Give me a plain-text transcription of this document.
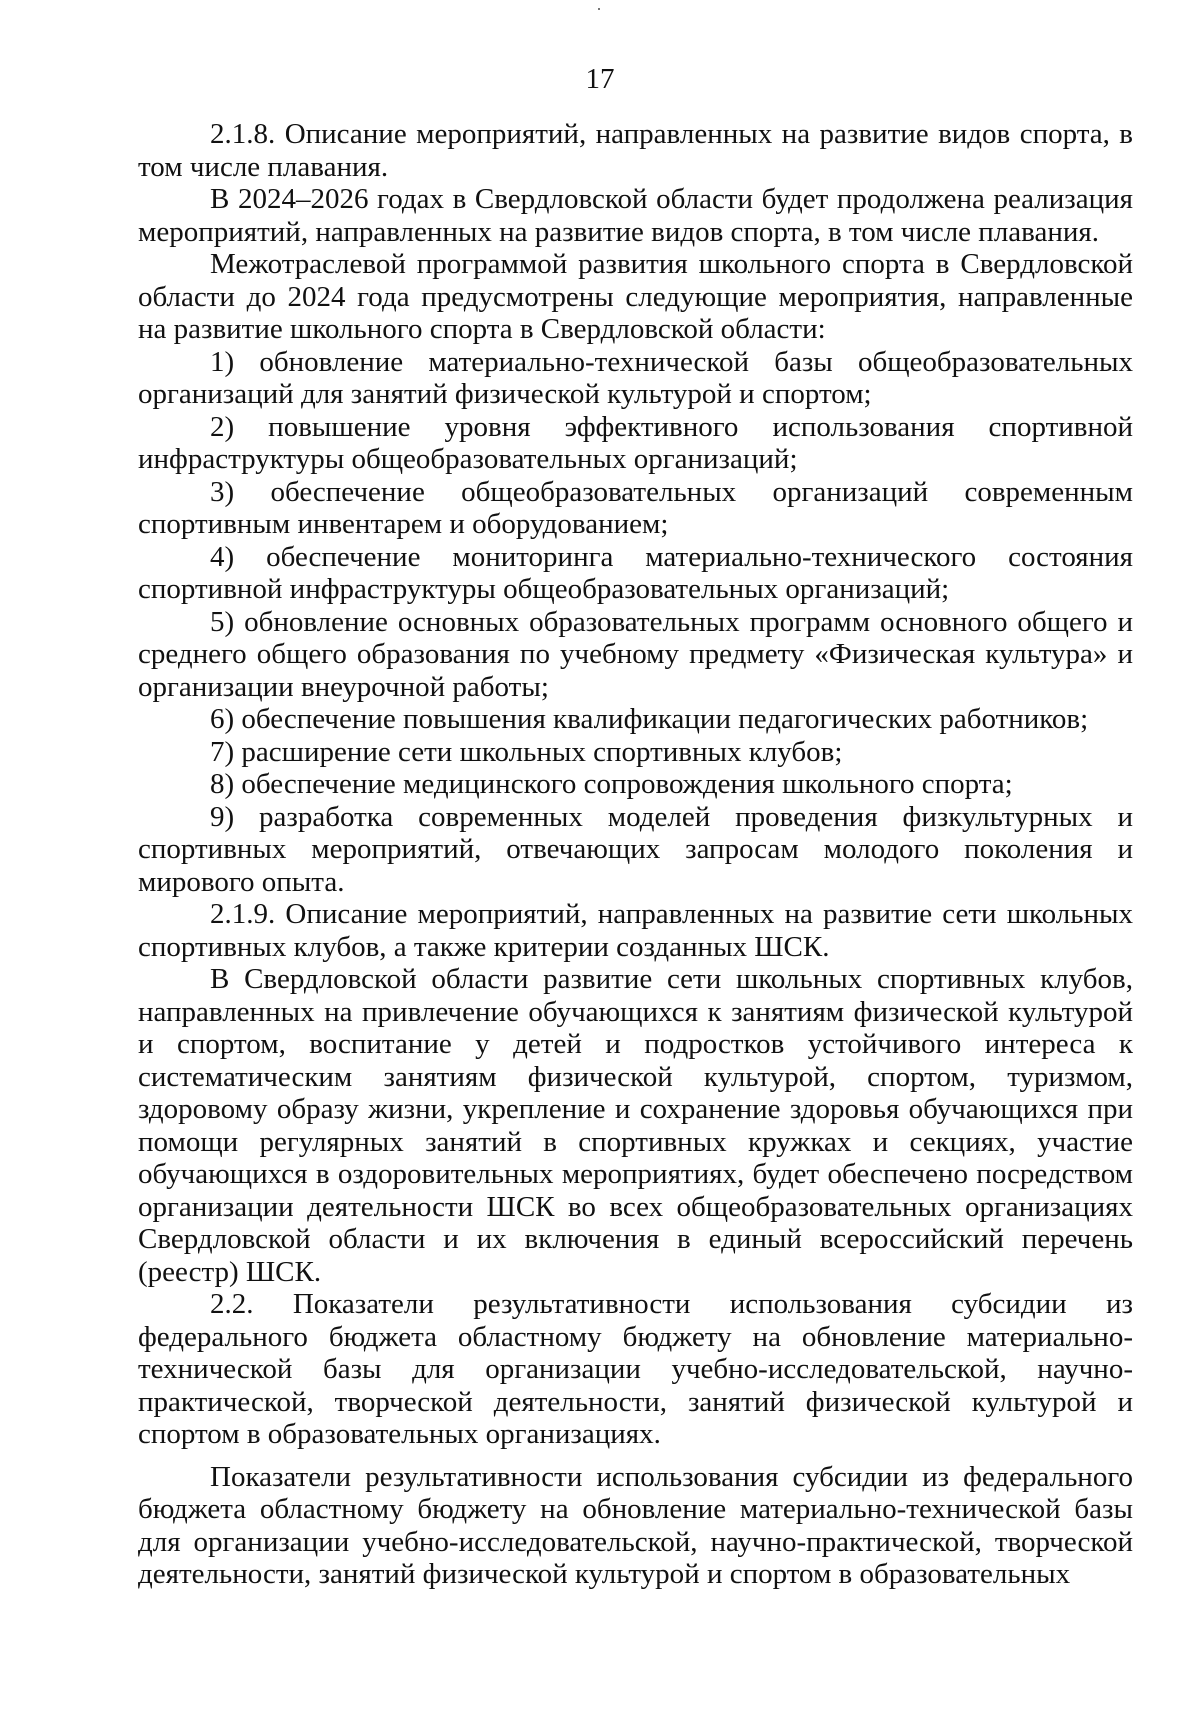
17

2.1.8. Описание мероприятий, направленных на развитие видов спорта, в том числе плавания.

В 2024–2026 годах в Свердловской области будет продолжена реализация мероприятий, направленных на развитие видов спорта, в том числе плавания.

Межотраслевой программой развития школьного спорта в Свердловской области до 2024 года предусмотрены следующие мероприятия, направленные на развитие школьного спорта в Свердловской области:

1) обновление материально-технической базы общеобразовательных организаций для занятий физической культурой и спортом;

2) повышение уровня эффективного использования спортивной инфраструктуры общеобразовательных организаций;

3) обеспечение общеобразовательных организаций современным спортивным инвентарем и оборудованием;

4) обеспечение мониторинга материально-технического состояния спортивной инфраструктуры общеобразовательных организаций;

5) обновление основных образовательных программ основного общего и среднего общего образования по учебному предмету «Физическая культура» и организации внеурочной работы;

6) обеспечение повышения квалификации педагогических работников;

7) расширение сети школьных спортивных клубов;

8) обеспечение медицинского сопровождения школьного спорта;

9) разработка современных моделей проведения физкультурных и спортивных мероприятий, отвечающих запросам молодого поколения и мирового опыта.

2.1.9. Описание мероприятий, направленных на развитие сети школьных спортивных клубов, а также критерии созданных ШСК.

В Свердловской области развитие сети школьных спортивных клубов, направленных на привлечение обучающихся к занятиям физической культурой и спортом, воспитание у детей и подростков устойчивого интереса к систематическим занятиям физической культурой, спортом, туризмом, здоровому образу жизни, укрепление и сохранение здоровья обучающихся при помощи регулярных занятий в спортивных кружках и секциях, участие обучающихся в оздоровительных мероприятиях, будет обеспечено посредством организации деятельности ШСК во всех общеобразовательных организациях Свердловской области и их включения в единый всероссийский перечень (реестр) ШСК.

2.2. Показатели результативности использования субсидии из федерального бюджета областному бюджету на обновление материально-технической базы для организации учебно-исследовательской, научно-практической, творческой деятельности, занятий физической культурой и спортом в образовательных организациях.

Показатели результативности использования субсидии из федерального бюджета областному бюджету на обновление материально-технической базы для организации учебно-исследовательской, научно-практической, творческой деятельности, занятий физической культурой и спортом в образовательных
